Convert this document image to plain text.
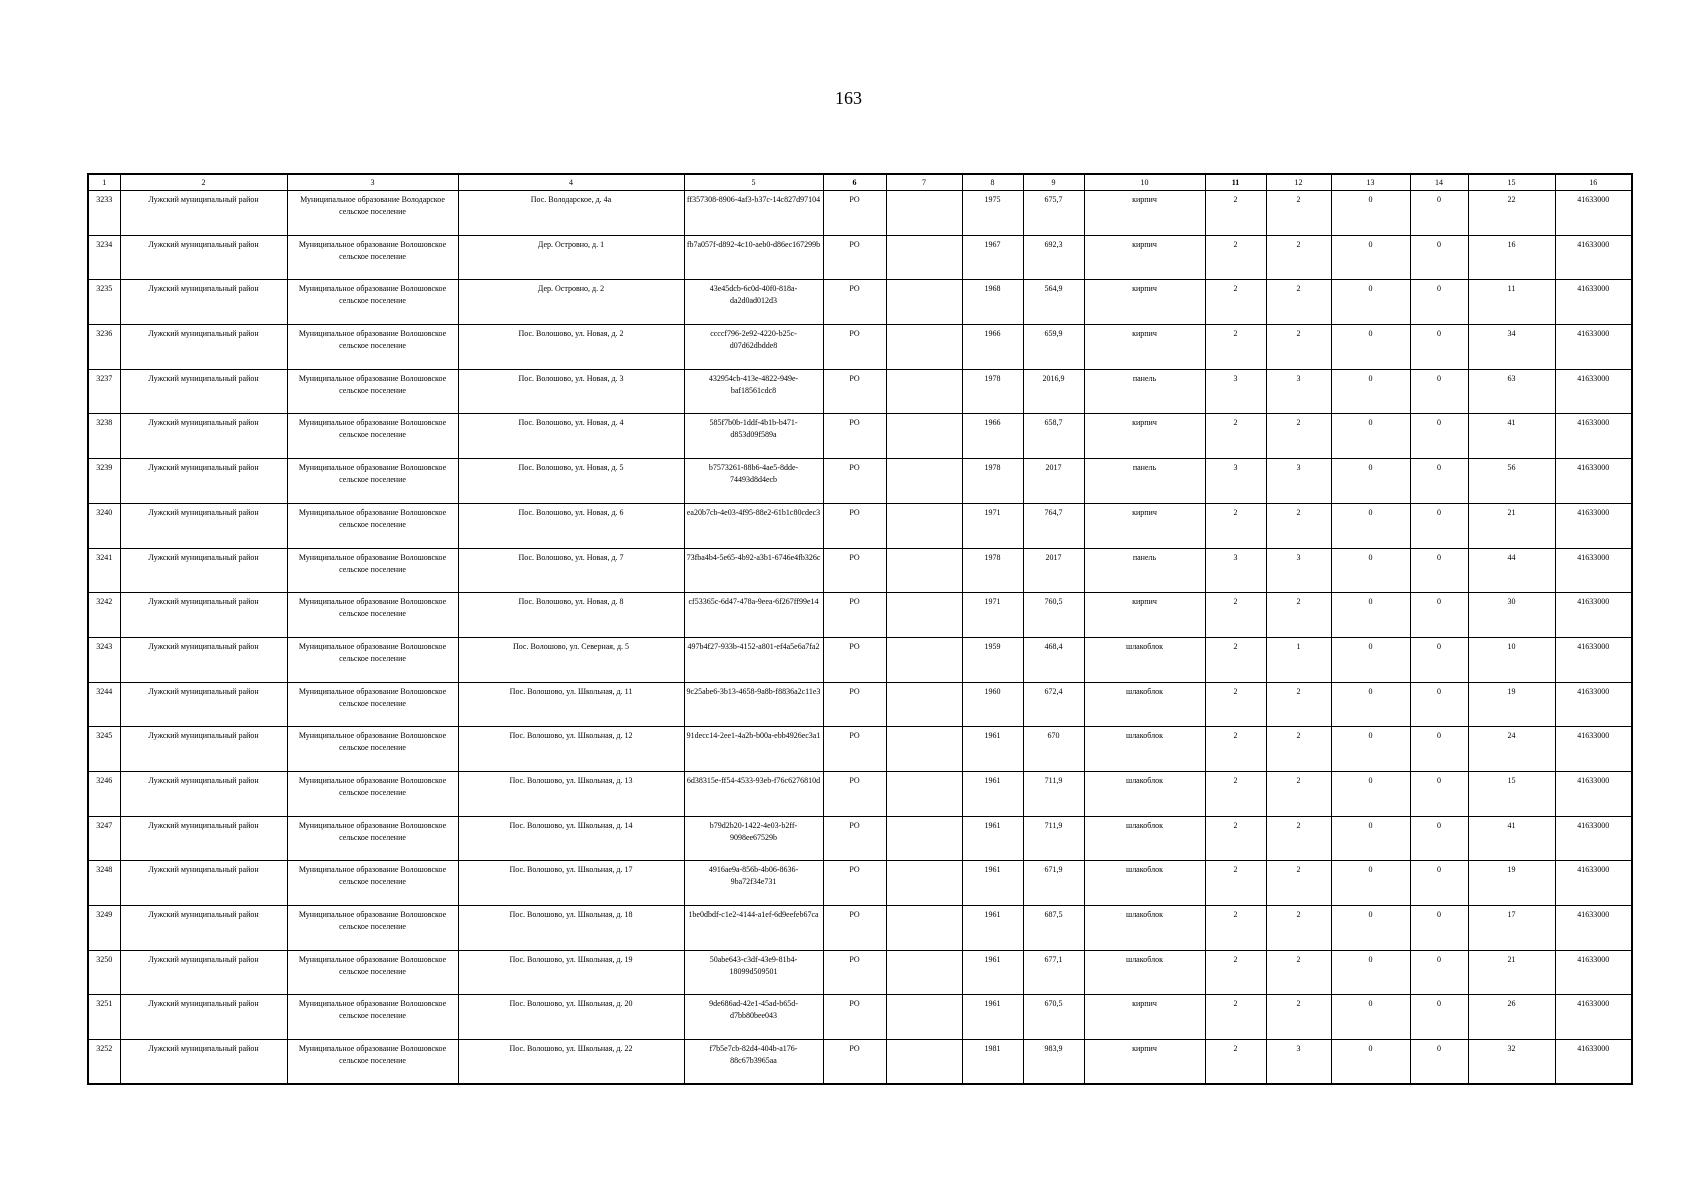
163
1	2	3	4	5	6	7	8	9	10	11	12	13	14	15	16
3233	Лужский муниципальный район	Муниципальное образование Володарское сельское поселение	Пос. Володарское, д. 4а	ff357308-8906-4af3-b37c-14c827d97104	РО		1975	675,7	кирпич	2	2	0	0	22	41633000
3234	Лужский муниципальный район	Муниципальное образование Волошовское сельское поселение	Дер. Островно, д. 1	fb7a057f-d892-4c10-aeb0-d86ec167299b	РО		1967	692,3	кирпич	2	2	0	0	16	41633000
3235	Лужский муниципальный район	Муниципальное образование Волошовское сельское поселение	Дер. Островно, д. 2	43e45dcb-6c0d-40f0-818a-da2d0ad012d3	РО		1968	564,9	кирпич	2	2	0	0	11	41633000
3236	Лужский муниципальный район	Муниципальное образование Волошовское сельское поселение	Пос. Волошово, ул. Новая, д. 2	ccccf796-2e92-4220-b25c-d07d62dbdde8	РО		1966	659,9	кирпич	2	2	0	0	34	41633000
3237	Лужский муниципальный район	Муниципальное образование Волошовское сельское поселение	Пос. Волошово, ул. Новая, д. 3	432954cb-413e-4822-949e-baf18561cdc8	РО		1978	2016,9	панель	3	3	0	0	63	41633000
3238	Лужский муниципальный район	Муниципальное образование Волошовское сельское поселение	Пос. Волошово, ул. Новая, д. 4	585f7b0b-1ddf-4b1b-b471-d853d09f589a	РО		1966	658,7	кирпич	2	2	0	0	41	41633000
3239	Лужский муниципальный район	Муниципальное образование Волошовское сельское поселение	Пос. Волошово, ул. Новая, д. 5	b7573261-88b6-4ae5-8dde-74493d8d4ecb	РО		1978	2017	панель	3	3	0	0	56	41633000
3240	Лужский муниципальный район	Муниципальное образование Волошовское сельское поселение	Пос. Волошово, ул. Новая, д. 6	ea20b7cb-4e03-4f95-88e2-61b1c80cdec3	РО		1971	764,7	кирпич	2	2	0	0	21	41633000
3241	Лужский муниципальный район	Муниципальное образование Волошовское сельское поселение	Пос. Волошово, ул. Новая, д. 7	73fba4b4-5e65-4b92-a3b1-6746e4fb326c	РО		1978	2017	панель	3	3	0	0	44	41633000
3242	Лужский муниципальный район	Муниципальное образование Волошовское сельское поселение	Пос. Волошово, ул. Новая, д. 8	cf53365c-6d47-478a-9eea-6f267ff99e14	РО		1971	760,5	кирпич	2	2	0	0	30	41633000
3243	Лужский муниципальный район	Муниципальное образование Волошовское сельское поселение	Пос. Волошово, ул. Северная, д. 5	497b4f27-933b-4152-a801-ef4a5e6a7fa2	РО		1959	468,4	шлакоблок	2	1	0	0	10	41633000
3244	Лужский муниципальный район	Муниципальное образование Волошовское сельское поселение	Пос. Волошово, ул. Школьная, д. 11	9c25abe6-3b13-4658-9a8b-f8836a2c11e3	РО		1960	672,4	шлакоблок	2	2	0	0	19	41633000
3245	Лужский муниципальный район	Муниципальное образование Волошовское сельское поселение	Пос. Волошово, ул. Школьная, д. 12	91decc14-2ee1-4a2b-b00a-ebb4926ec3a1	РО		1961	670	шлакоблок	2	2	0	0	24	41633000
3246	Лужский муниципальный район	Муниципальное образование Волошовское сельское поселение	Пос. Волошово, ул. Школьная, д. 13	6d38315e-ff54-4533-93eb-f76c6276810d	РО		1961	711,9	шлакоблок	2	2	0	0	15	41633000
3247	Лужский муниципальный район	Муниципальное образование Волошовское сельское поселение	Пос. Волошово, ул. Школьная, д. 14	b79d2b20-1422-4e03-b2ff-9098ee67529b	РО		1961	711,9	шлакоблок	2	2	0	0	41	41633000
3248	Лужский муниципальный район	Муниципальное образование Волошовское сельское поселение	Пос. Волошово, ул. Школьная, д. 17	4916ae9a-856b-4b06-8636-9ba72f34e731	РО		1961	671,9	шлакоблок	2	2	0	0	19	41633000
3249	Лужский муниципальный район	Муниципальное образование Волошовское сельское поселение	Пос. Волошово, ул. Школьная, д. 18	1be0dbdf-c1e2-4144-a1ef-6d9eefeb67ca	РО		1961	687,5	шлакоблок	2	2	0	0	17	41633000
3250	Лужский муниципальный район	Муниципальное образование Волошовское сельское поселение	Пос. Волошово, ул. Школьная, д. 19	50abe643-c3df-43e9-81b4-18099d509501	РО		1961	677,1	шлакоблок	2	2	0	0	21	41633000
3251	Лужский муниципальный район	Муниципальное образование Волошовское сельское поселение	Пос. Волошово, ул. Школьная, д. 20	9de686ad-42e1-45ad-b65d-d7bb80bee043	РО		1961	670,5	кирпич	2	2	0	0	26	41633000
3252	Лужский муниципальный район	Муниципальное образование Волошовское сельское поселение	Пос. Волошово, ул. Школьная, д. 22	f7b5e7cb-82d4-404b-a176-88c67b3965aa	РО		1981	983,9	кирпич	2	3	0	0	32	41633000
